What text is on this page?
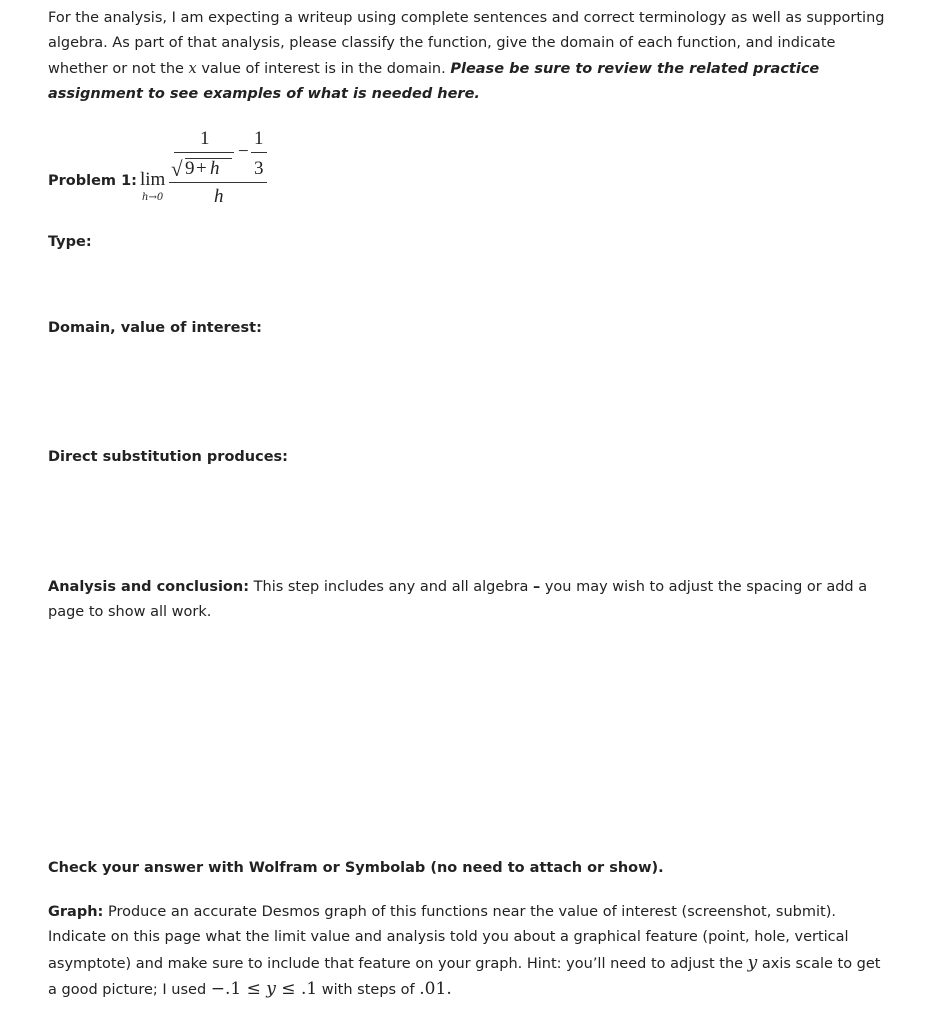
For the analysis, I am expecting a writeup using complete sentences and correct terminology as well as supporting algebra. As part of that analysis, please classify the function, give the domain of each function, and indicate whether or not the x value of interest is in the domain. Please be sure to review the related practice assignment to see examples of what is needed here.
Problem 1: lim
h→0
1
√ 9 + h
−
1
3
h
Type:
Domain, value of interest:
Direct substitution produces:
Analysis and conclusion: This step includes any and all algebra – you may wish to adjust the spacing or add a page to show all work.
Check your answer with Wolfram or Symbolab (no need to attach or show).
Graph: Produce an accurate Desmos graph of this functions near the value of interest (screenshot, submit). Indicate on this page what the limit value and analysis told you about a graphical feature (point, hole, vertical asymptote) and make sure to include that feature on your graph. Hint: you’ll need to adjust the y axis scale to get a good picture; I used −.1 ≤ y ≤ .1 with steps of .01.
